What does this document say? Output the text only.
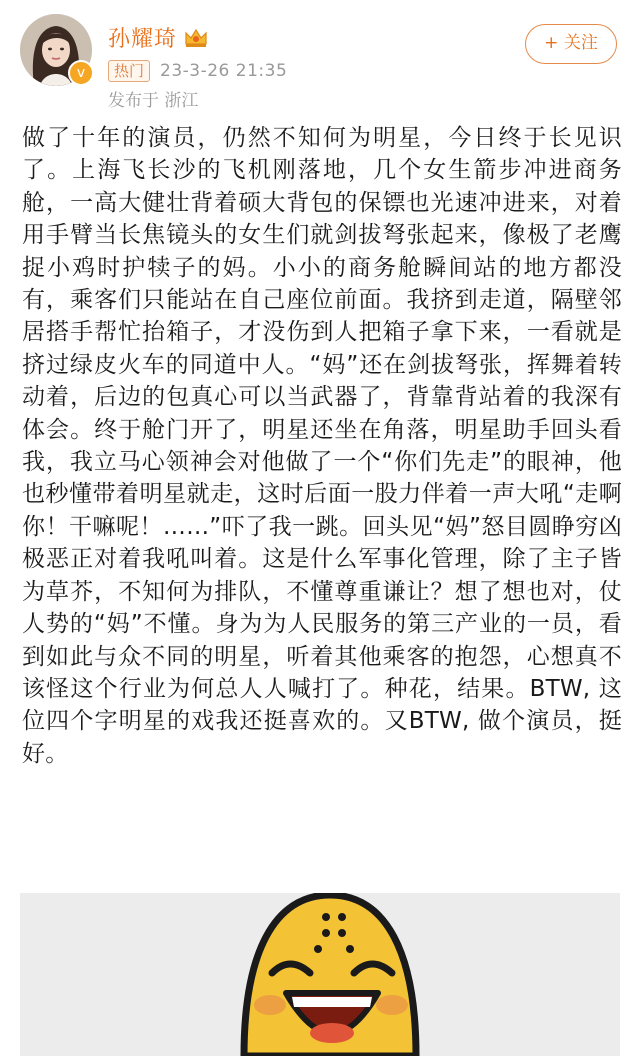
v
孙耀琦
热门 23-3-26 21:35
发布于 浙江
+ 关注
做了十年的演员，仍然不知何为明星，今日终于长见识了。上海飞长沙的飞机刚落地，几个女生箭步冲进商务舱，一高大健壮背着硕大背包的保镖也光速冲进来，对着用手臂当长焦镜头的女生们就剑拔弩张起来，像极了老鹰捉小鸡时护犊子的妈。小小的商务舱瞬间站的地方都没有，乘客们只能站在自己座位前面。我挤到走道，隔壁邻居搭手帮忙抬箱子，才没伤到人把箱子拿下来，一看就是挤过绿皮火车的同道中人。“妈”还在剑拔弩张，挥舞着转动着，后边的包真心可以当武器了，背靠背站着的我深有体会。终于舱门开了，明星还坐在角落，明星助手回头看我，我立马心领神会对他做了一个“你们先走”的眼神，他也秒懂带着明星就走，这时后面一股力伴着一声大吼“走啊你！干嘛呢！……”吓了我一跳。回头见“妈”怒目圆睁穷凶极恶正对着我吼叫着。这是什么军事化管理，除了主子皆为草芥，不知何为排队，不懂尊重谦让？想了想也对，仗人势的“妈”不懂。身为为人民服务的第三产业的一员，看到如此与众不同的明星，听着其他乘客的抱怨，心想真不该怪这个行业为何总人人喊打了。种花，结果。BTW, 这位四个字明星的戏我还挺喜欢的。又BTW, 做个演员，挺好。
